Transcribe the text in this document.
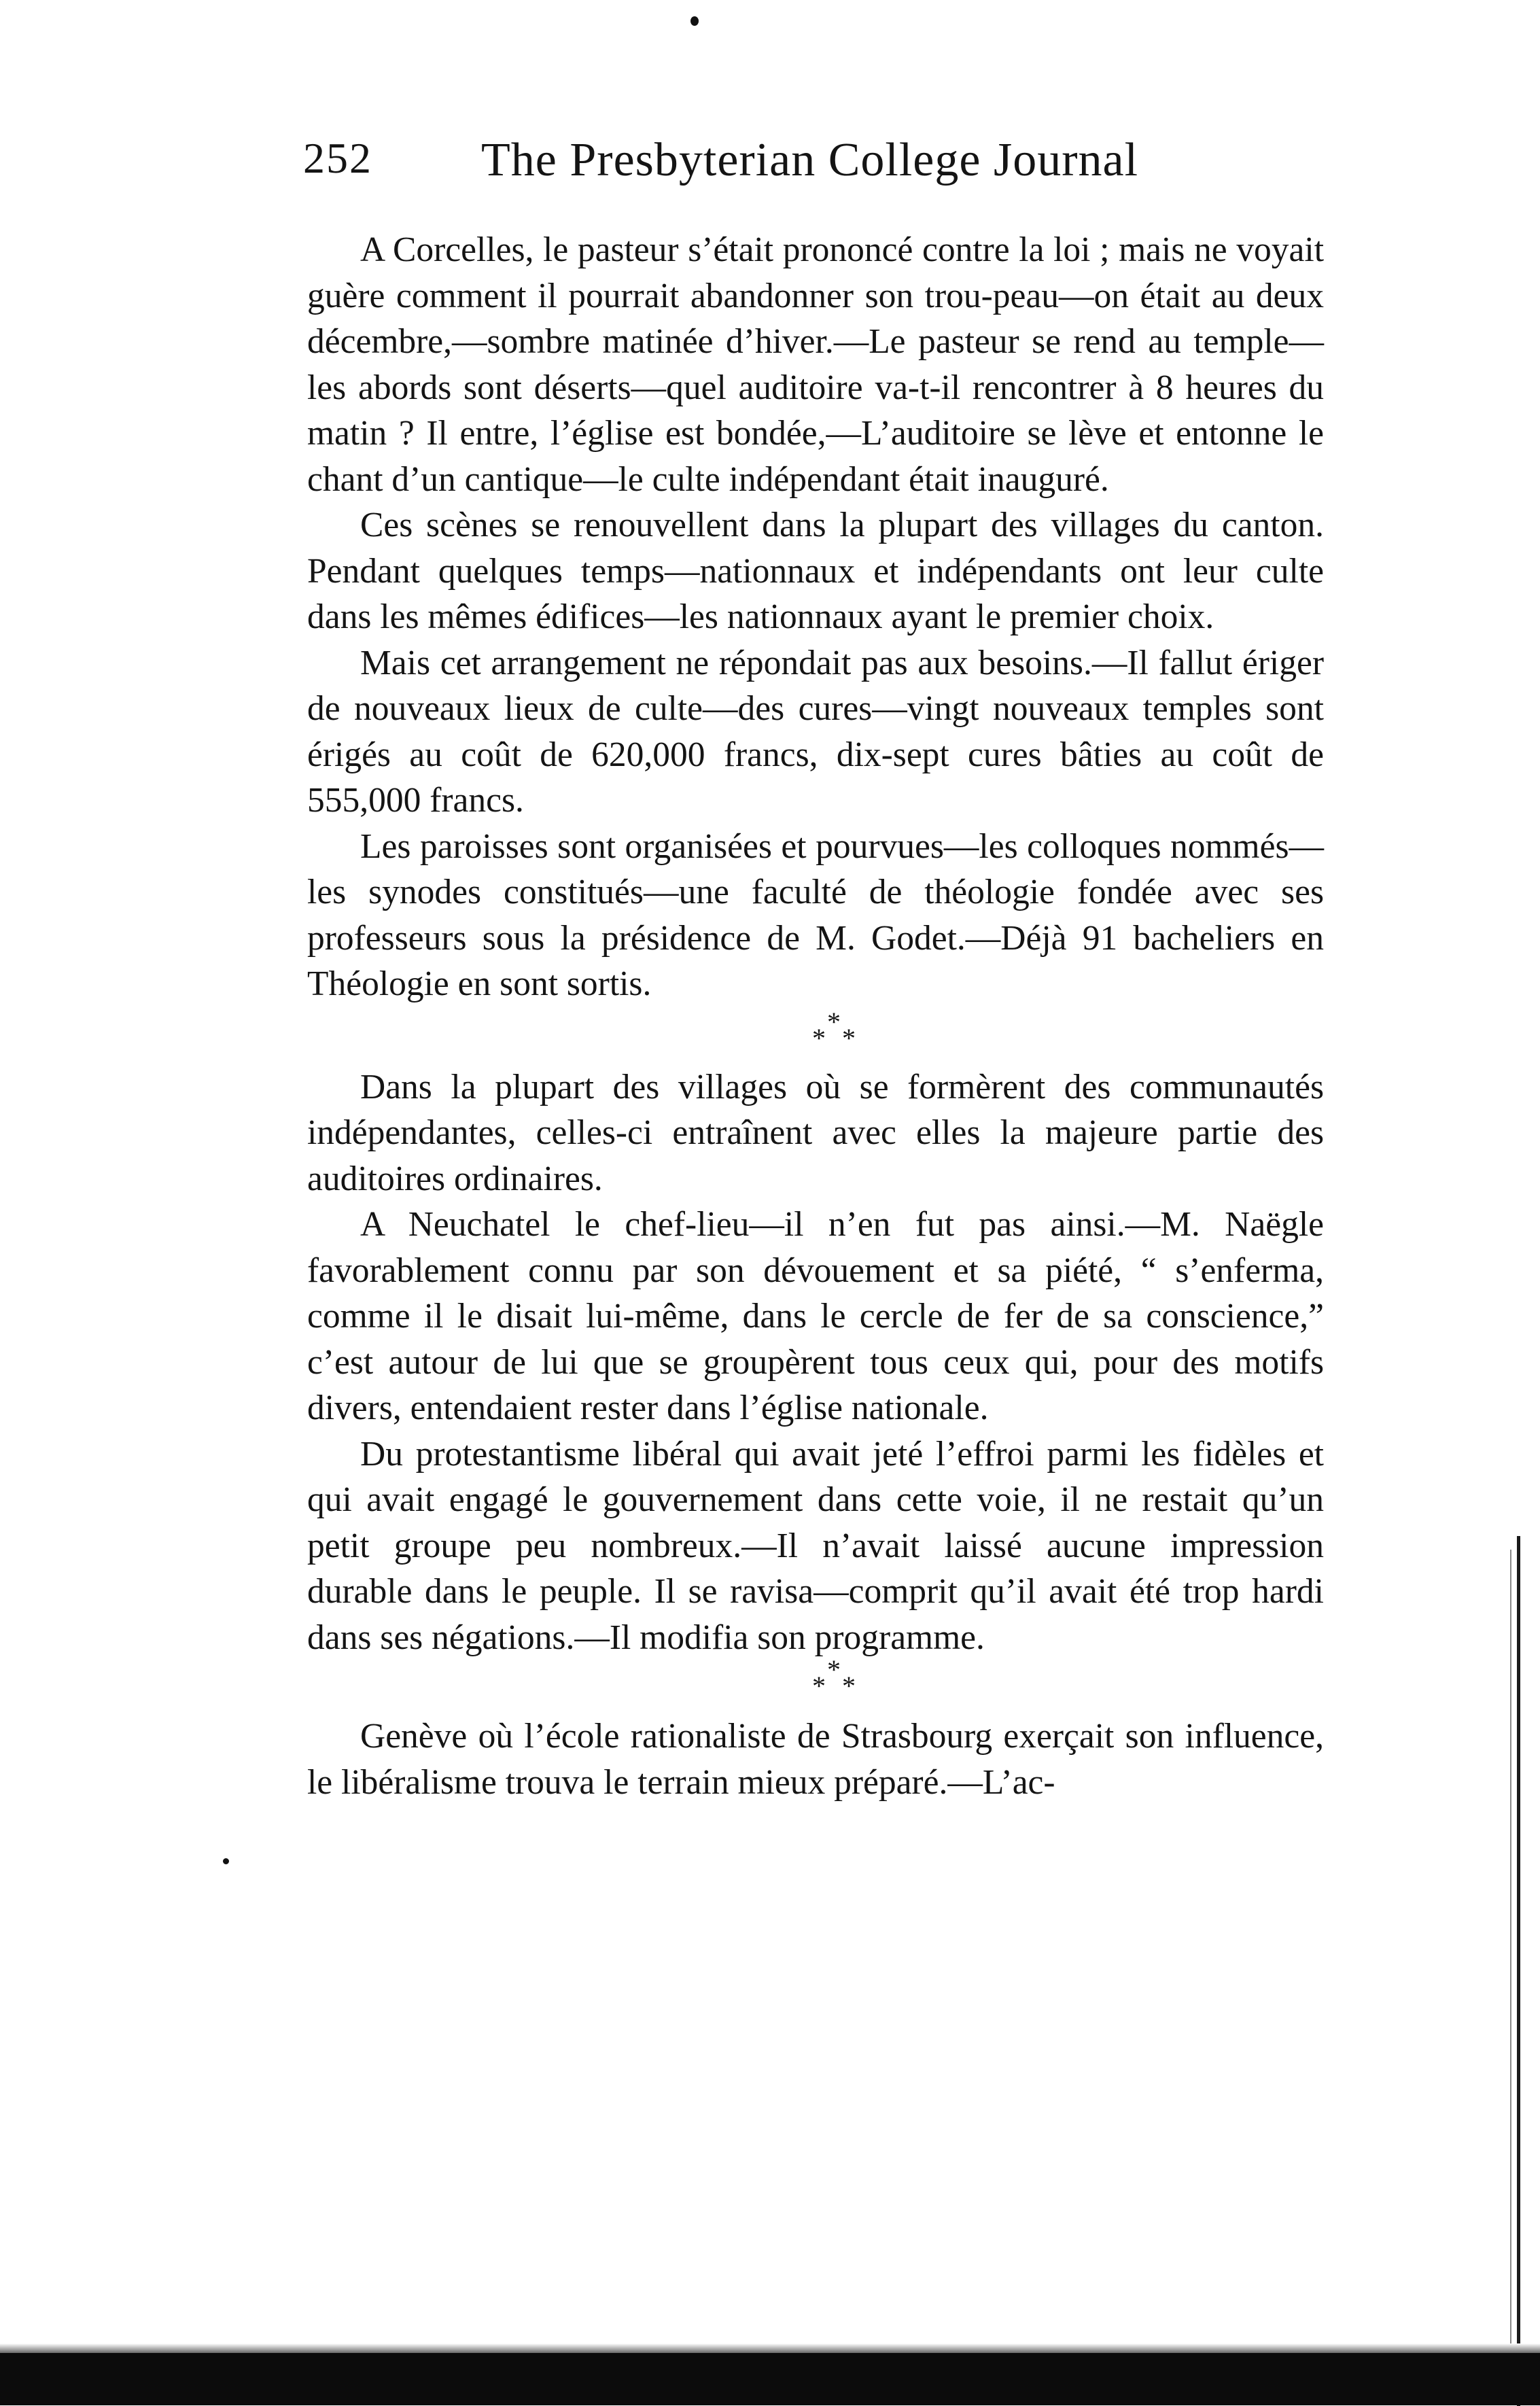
252 The Presbyterian College Journal

A Corcelles, le pasteur s’était prononcé contre la loi ; mais ne voyait guère comment il pourrait abandonner son trou-peau—on était au deux décembre,—sombre matinée d’hiver.—Le pasteur se rend au temple—les abords sont déserts—quel auditoire va-t-il rencontrer à 8 heures du matin ? Il entre, l’église est bondée,—L’auditoire se lève et entonne le chant d’un cantique—le culte indépendant était inauguré.

Ces scènes se renouvellent dans la plupart des villages du canton. Pendant quelques temps—nationnaux et indépendants ont leur culte dans les mêmes édifices—les nationnaux ayant le premier choix.

Mais cet arrangement ne répondait pas aux besoins.—Il fallut ériger de nouveaux lieux de culte—des cures—vingt nouveaux temples sont érigés au coût de 620,000 francs, dix-sept cures bâties au coût de 555,000 francs.

Les paroisses sont organisées et pourvues—les colloques nommés—les synodes constitués—une faculté de théologie fondée avec ses professeurs sous la présidence de M. Godet.—Déjà 91 bacheliers en Théologie en sont sortis.

*
* *

Dans la plupart des villages où se formèrent des communautés indépendantes, celles-ci entraînent avec elles la majeure partie des auditoires ordinaires.

A Neuchatel le chef-lieu—il n’en fut pas ainsi.—M. Naëgle favorablement connu par son dévouement et sa piété, “ s’enferma, comme il le disait lui-même, dans le cercle de fer de sa conscience,” c’est autour de lui que se groupèrent tous ceux qui, pour des motifs divers, entendaient rester dans l’église nationale.

Du protestantisme libéral qui avait jeté l’effroi parmi les fidèles et qui avait engagé le gouvernement dans cette voie, il ne restait qu’un petit groupe peu nombreux.—Il n’avait laissé aucune impression durable dans le peuple. Il se ravisa—comprit qu’il avait été trop hardi dans ses négations.—Il modifia son programme.

*
* *

Genève où l’école rationaliste de Strasbourg exerçait son influence, le libéralisme trouva le terrain mieux préparé.—L’ac-
